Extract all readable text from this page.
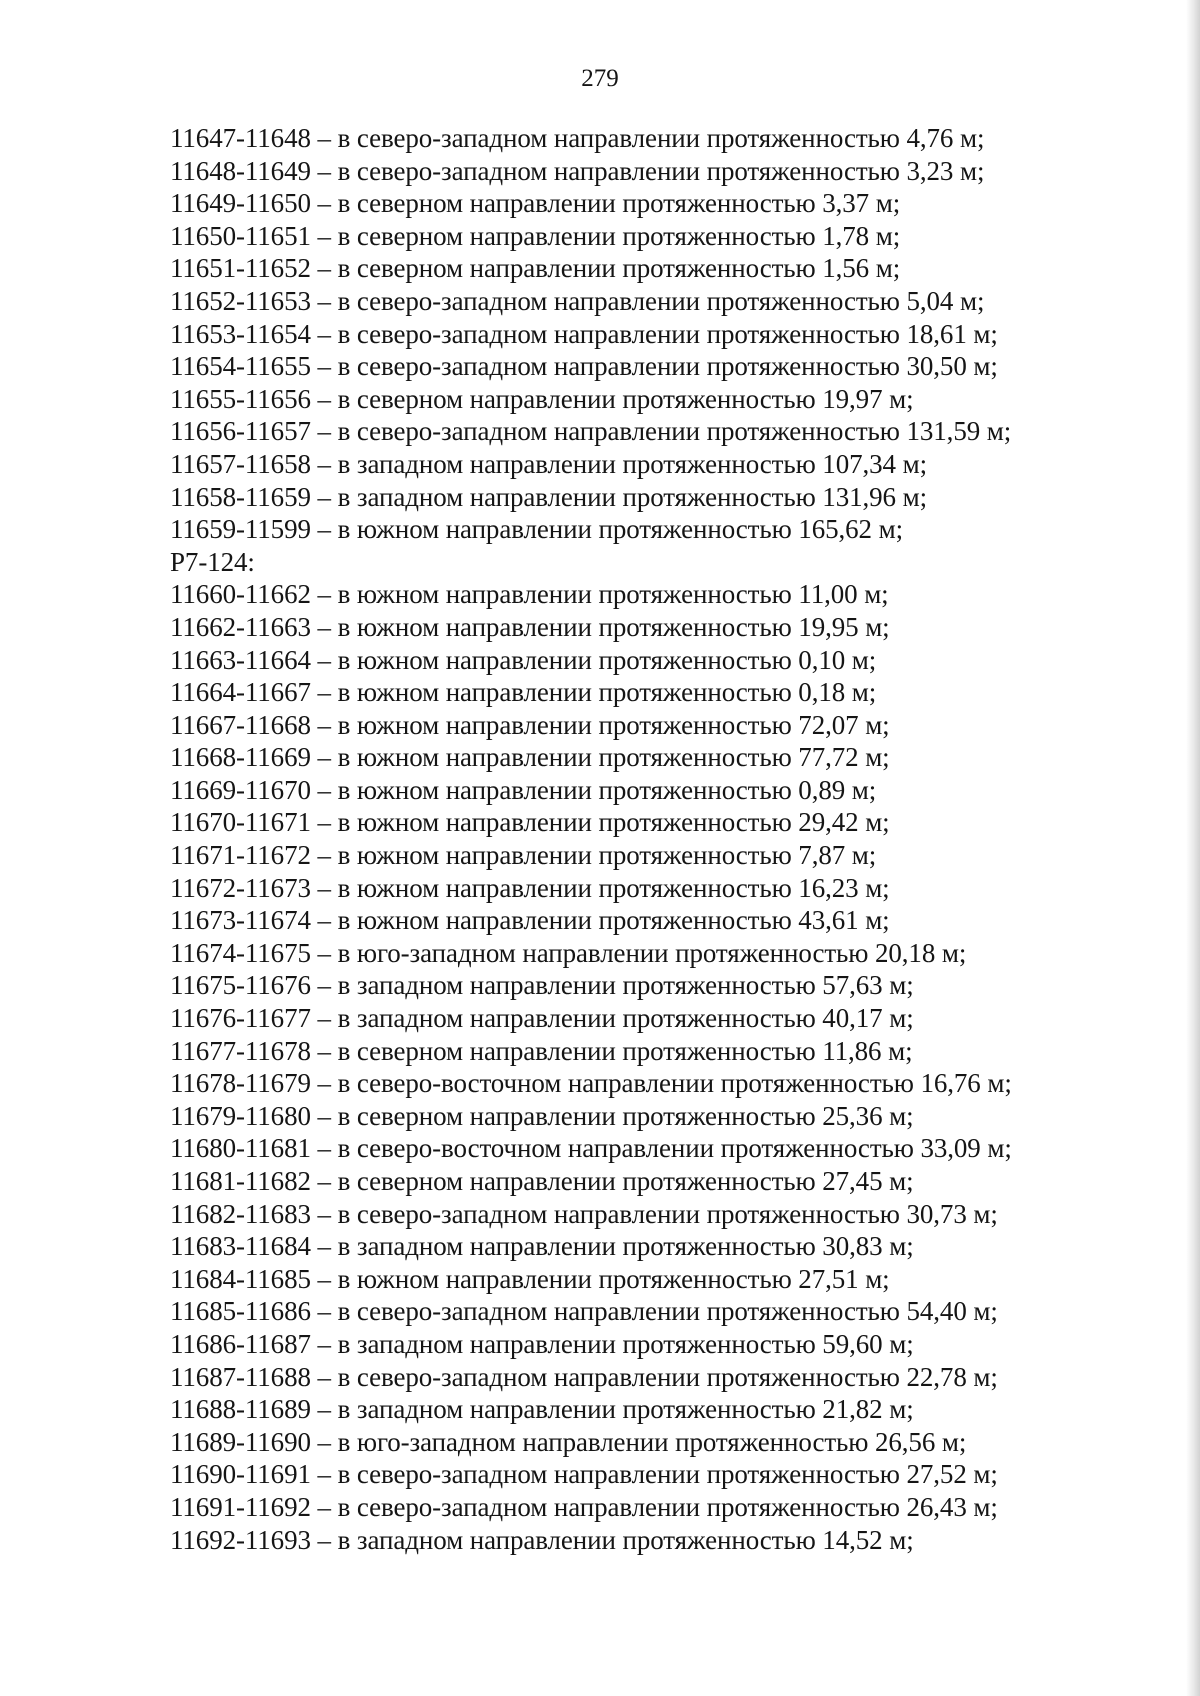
279
11647-11648 – в северо-западном направлении протяженностью 4,76 м;
11648-11649 – в северо-западном направлении протяженностью 3,23 м;
11649-11650 – в северном направлении протяженностью 3,37 м;
11650-11651 – в северном направлении протяженностью 1,78 м;
11651-11652 – в северном направлении протяженностью 1,56 м;
11652-11653 – в северо-западном направлении протяженностью 5,04 м;
11653-11654 – в северо-западном направлении протяженностью 18,61 м;
11654-11655 – в северо-западном направлении протяженностью 30,50 м;
11655-11656 – в северном направлении протяженностью 19,97 м;
11656-11657 – в северо-западном направлении протяженностью 131,59 м;
11657-11658 – в западном направлении протяженностью 107,34 м;
11658-11659 – в западном направлении протяженностью 131,96 м;
11659-11599 – в южном направлении протяженностью 165,62 м;
Р7-124:
11660-11662 – в южном направлении протяженностью 11,00 м;
11662-11663 – в южном направлении протяженностью 19,95 м;
11663-11664 – в южном направлении протяженностью 0,10 м;
11664-11667 – в южном направлении протяженностью 0,18 м;
11667-11668 – в южном направлении протяженностью 72,07 м;
11668-11669 – в южном направлении протяженностью 77,72 м;
11669-11670 – в южном направлении протяженностью 0,89 м;
11670-11671 – в южном направлении протяженностью 29,42 м;
11671-11672 – в южном направлении протяженностью 7,87 м;
11672-11673 – в южном направлении протяженностью 16,23 м;
11673-11674 – в южном направлении протяженностью 43,61 м;
11674-11675 – в юго-западном направлении протяженностью 20,18 м;
11675-11676 – в западном направлении протяженностью 57,63 м;
11676-11677 – в западном направлении протяженностью 40,17 м;
11677-11678 – в северном направлении протяженностью 11,86 м;
11678-11679 – в северо-восточном направлении протяженностью 16,76 м;
11679-11680 – в северном направлении протяженностью 25,36 м;
11680-11681 – в северо-восточном направлении протяженностью 33,09 м;
11681-11682 – в северном направлении протяженностью 27,45 м;
11682-11683 – в северо-западном направлении протяженностью 30,73 м;
11683-11684 – в западном направлении протяженностью 30,83 м;
11684-11685 – в южном направлении протяженностью 27,51 м;
11685-11686 – в северо-западном направлении протяженностью 54,40 м;
11686-11687 – в западном направлении протяженностью 59,60 м;
11687-11688 – в северо-западном направлении протяженностью 22,78 м;
11688-11689 – в западном направлении протяженностью 21,82 м;
11689-11690 – в юго-западном направлении протяженностью 26,56 м;
11690-11691 – в северо-западном направлении протяженностью 27,52 м;
11691-11692 – в северо-западном направлении протяженностью 26,43 м;
11692-11693 – в западном направлении протяженностью 14,52 м;
